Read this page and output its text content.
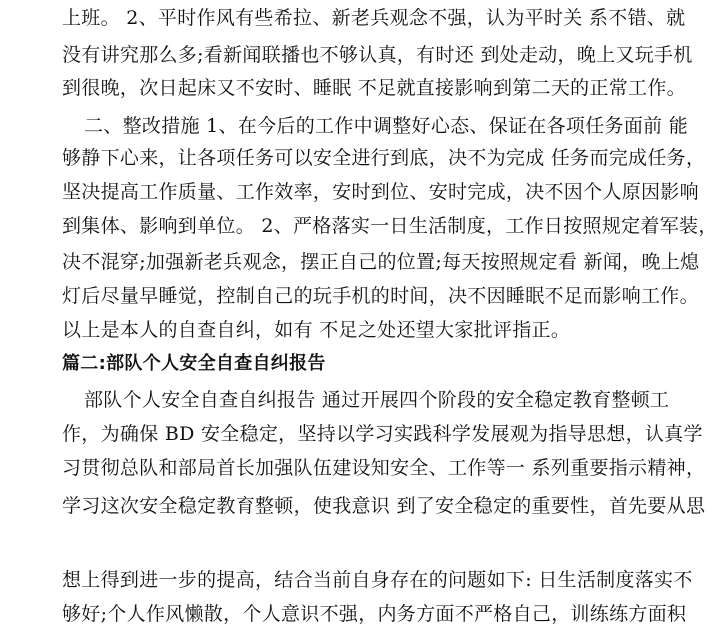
上班。 2、平时作风有些希拉、新老兵观念不强，认为平时关 系不错、就
没有讲究那么多;看新闻联播也不够认真，有时还 到处走动，晚上又玩手机
到很晚，次日起床又不安时、睡眠 不足就直接影响到第二天的正常工作。
二、整改措施 1、在今后的工作中调整好心态、保证在各项任务面前 能
够静下心来，让各项任务可以安全进行到底，决不为完成 任务而完成任务，
坚决提高工作质量、工作效率，安时到位、安时完成，决不因个人原因影响
到集体、影响到单位。 2、严格落实一日生活制度，工作日按照规定着军装，
决不混穿;加强新老兵观念，摆正自己的位置;每天按照规定看 新闻，晚上熄
灯后尽量早睡觉，控制自己的玩手机的时间，决不因睡眠不足而影响工作。
以上是本人的自查自纠，如有 不足之处还望大家批评指正。
篇二:部队个人安全自查自纠报告
部队个人安全自查自纠报告 通过开展四个阶段的安全稳定教育整顿工
作，为确保 BD 安全稳定，坚持以学习实践科学发展观为指导思想，认真学
习贯彻总队和部局首长加强队伍建设知安全、工作等一 系列重要指示精神，
学习这次安全稳定教育整顿，使我意识 到了安全稳定的重要性，首先要从思
想上得到进一步的提高，结合当前自身存在的问题如下: 日生活制度落实不
够好;个人作风懒散，个人意识不强，内务方面不严格自己，训练练方面积
